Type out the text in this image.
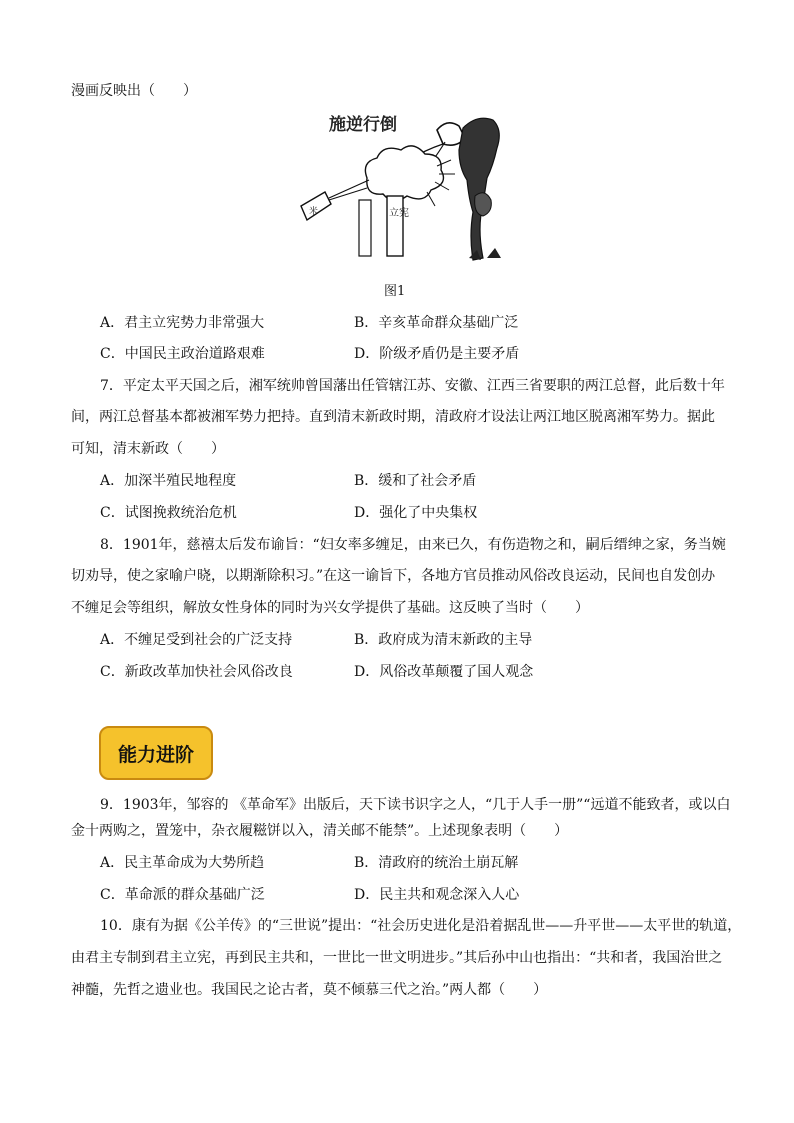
漫画反映出（　　）
施逆行倒
立宪
米
图1
A．君主立宪势力非常强大	B．辛亥革命群众基础广泛
C．中国民主政治道路艰难	D．阶级矛盾仍是主要矛盾
7．平定太平天国之后，湘军统帅曾国藩出任管辖江苏、安徽、江西三省要职的两江总督，此后数十年
间，两江总督基本都被湘军势力把持。直到清末新政时期，清政府才设法让两江地区脱离湘军势力。据此
可知，清末新政（　　）
A．加深半殖民地程度	B．缓和了社会矛盾
C．试图挽救统治危机	D．强化了中央集权
8．1901年，慈禧太后发布谕旨：“妇女率多缠足，由来已久，有伤造物之和，嗣后缙绅之家，务当婉
切劝导，使之家喻户晓，以期渐除积习。”在这一谕旨下，各地方官员推动风俗改良运动，民间也自发创办
不缠足会等组织，解放女性身体的同时为兴女学提供了基础。这反映了当时（　　）
A．不缠足受到社会的广泛支持	B．政府成为清末新政的主导
C．新政改革加快社会风俗改良	D．风俗改革颠覆了国人观念
能力进阶
9．1903年，邹容的 《革命军》出版后，天下读书识字之人，“几于人手一册”“远道不能致者，或以白
金十两购之，置笼中，杂衣履糍饼以入，清关邮不能禁”。上述现象表明（　　）
A．民主革命成为大势所趋	B．清政府的统治土崩瓦解
C．革命派的群众基础广泛	D．民主共和观念深入人心
10．康有为据《公羊传》的“三世说”提出：“社会历史进化是沿着据乱世——升平世——太平世的轨道，
由君主专制到君主立宪，再到民主共和，一世比一世文明进步。”其后孙中山也指出：“共和者，我国治世之
神髓，先哲之遗业也。我国民之论古者，莫不倾慕三代之治。”两人都（　　）
